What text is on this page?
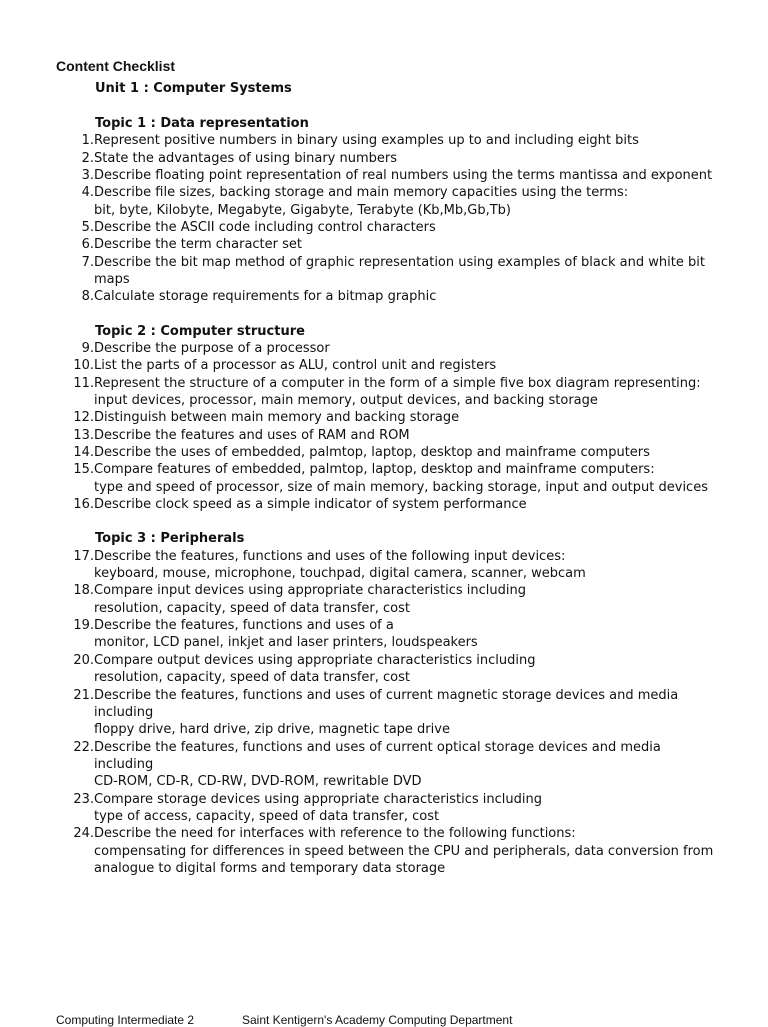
Content Checklist
Unit 1 : Computer Systems
Topic 1 : Data representation
1. Represent positive numbers in binary using examples up to and including eight bits
2. State the advantages of using binary numbers
3. Describe floating point representation of real numbers using the terms mantissa and exponent
4. Describe file sizes, backing storage and main memory capacities using the terms:
bit, byte, Kilobyte, Megabyte, Gigabyte, Terabyte (Kb,Mb,Gb,Tb)
5. Describe the ASCII code including control characters
6. Describe the term character set
7. Describe the bit map method of graphic representation using examples of black and white bit maps
8. Calculate storage requirements for a bitmap graphic
Topic 2 : Computer structure
9. Describe the purpose of a processor
10. List the parts of a processor as ALU, control unit and registers
11. Represent the structure of a computer in the form of a simple five box diagram representing:
input devices, processor, main memory, output devices, and backing storage
12. Distinguish between main memory and backing storage
13. Describe the features and uses of RAM and ROM
14. Describe the uses of embedded, palmtop, laptop, desktop and mainframe computers
15. Compare features of embedded, palmtop, laptop, desktop and mainframe computers:
type and speed of processor, size of main memory, backing storage, input and output devices
16. Describe clock speed as a simple indicator of system performance
Topic 3 : Peripherals
17. Describe the features, functions and uses of the following input devices:
keyboard, mouse, microphone, touchpad, digital camera, scanner, webcam
18. Compare input devices using appropriate characteristics including
resolution, capacity, speed of data transfer, cost
19. Describe the features, functions and uses of a
monitor, LCD panel, inkjet and laser printers, loudspeakers
20. Compare output devices using appropriate characteristics including
resolution, capacity, speed of data transfer, cost
21. Describe the features, functions and uses of current magnetic storage devices and media including
floppy drive, hard drive, zip drive, magnetic tape drive
22. Describe the features, functions and uses of current optical storage devices and media including
CD-ROM, CD-R, CD-RW, DVD-ROM, rewritable DVD
23. Compare storage devices using appropriate characteristics including
type of access, capacity, speed of data transfer, cost
24. Describe the need for interfaces with reference to the following functions:
compensating for differences in speed between the CPU and peripherals, data conversion from analogue to digital forms and temporary data storage
Computing Intermediate 2	Saint Kentigern's Academy Computing Department
